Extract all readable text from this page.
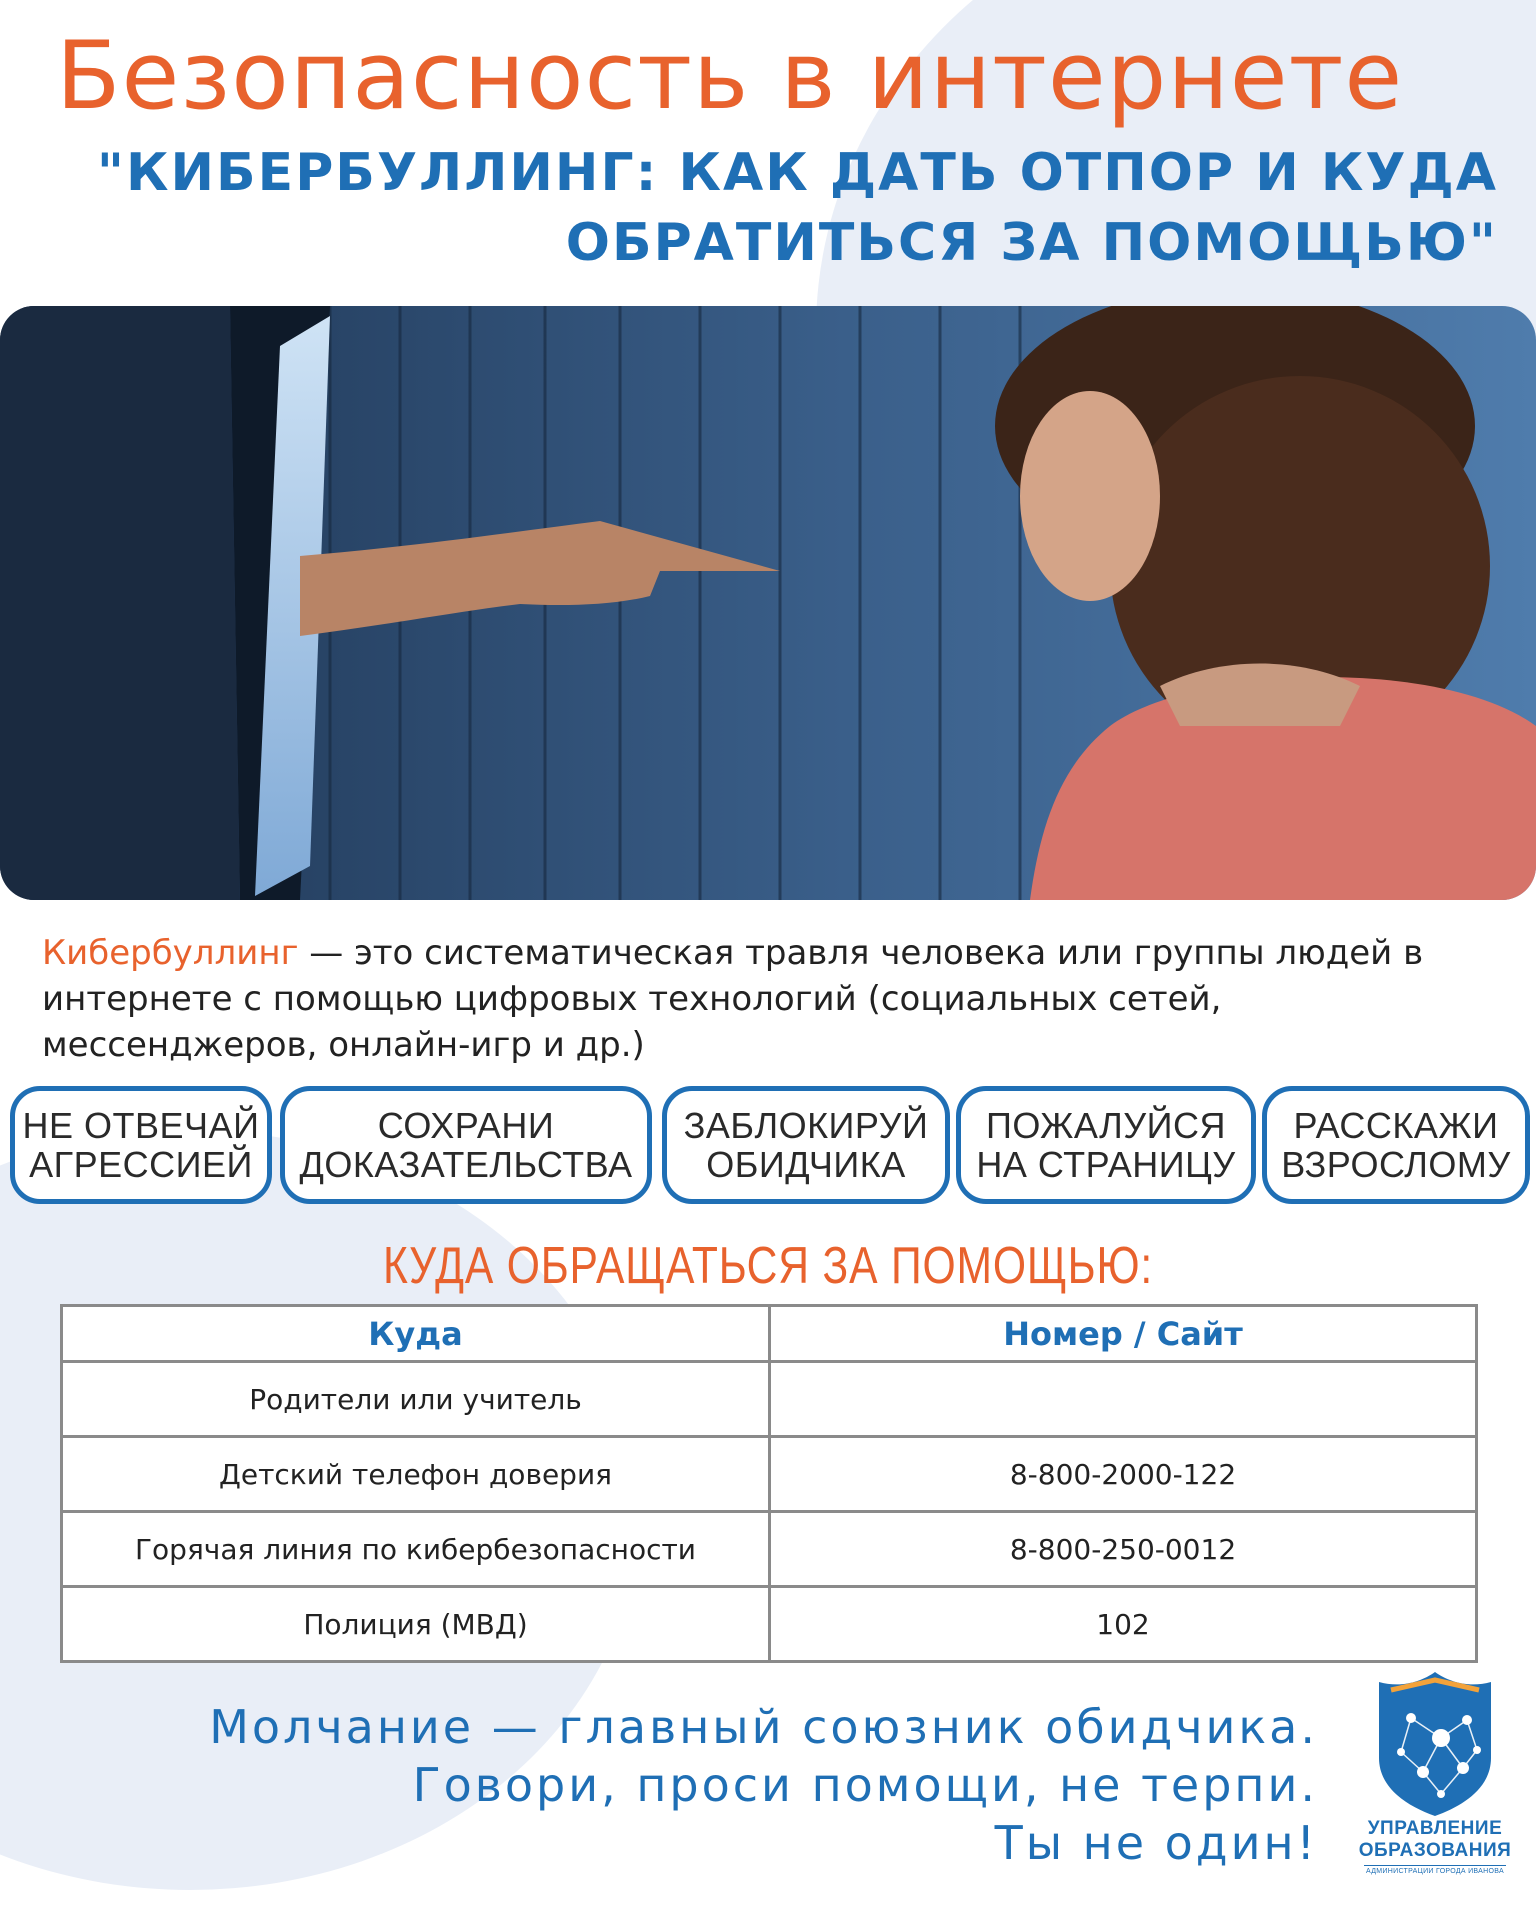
Безопасность в интернете
"КИБЕРБУЛЛИНГ: КАК ДАТЬ ОТПОР И КУДА
ОБРАТИТЬСЯ ЗА ПОМОЩЬЮ"

Кибербуллинг — это систематическая травля человека или группы людей в интернете с помощью цифровых технологий (социальных сетей, мессенджеров, онлайн-игр и др.)

НЕ ОТВЕЧАЙ
АГРЕССИЕЙ
СОХРАНИ
ДОКАЗАТЕЛЬСТВА
ЗАБЛОКИРУЙ
ОБИДЧИКА
ПОЖАЛУЙСЯ
НА СТРАНИЦУ
РАССКАЖИ
ВЗРОСЛОМУ
КУДА ОБРАЩАТЬСЯ ЗА ПОМОЩЬЮ:
Куда	Номер / Сайт
Родители или учитель	
Детский телефон доверия	8-800-2000-122
Горячая линия по кибербезопасности	8-800-250-0012
Полиция (МВД)	102
Молчание — главный союзник обидчика.
Говори, проси помощи, не терпи.
Ты не один!	УПРАВЛЕНИЕ
ОБРАЗОВАНИЯ
АДМИНИСТРАЦИИ ГОРОДА ИВАНОВА
